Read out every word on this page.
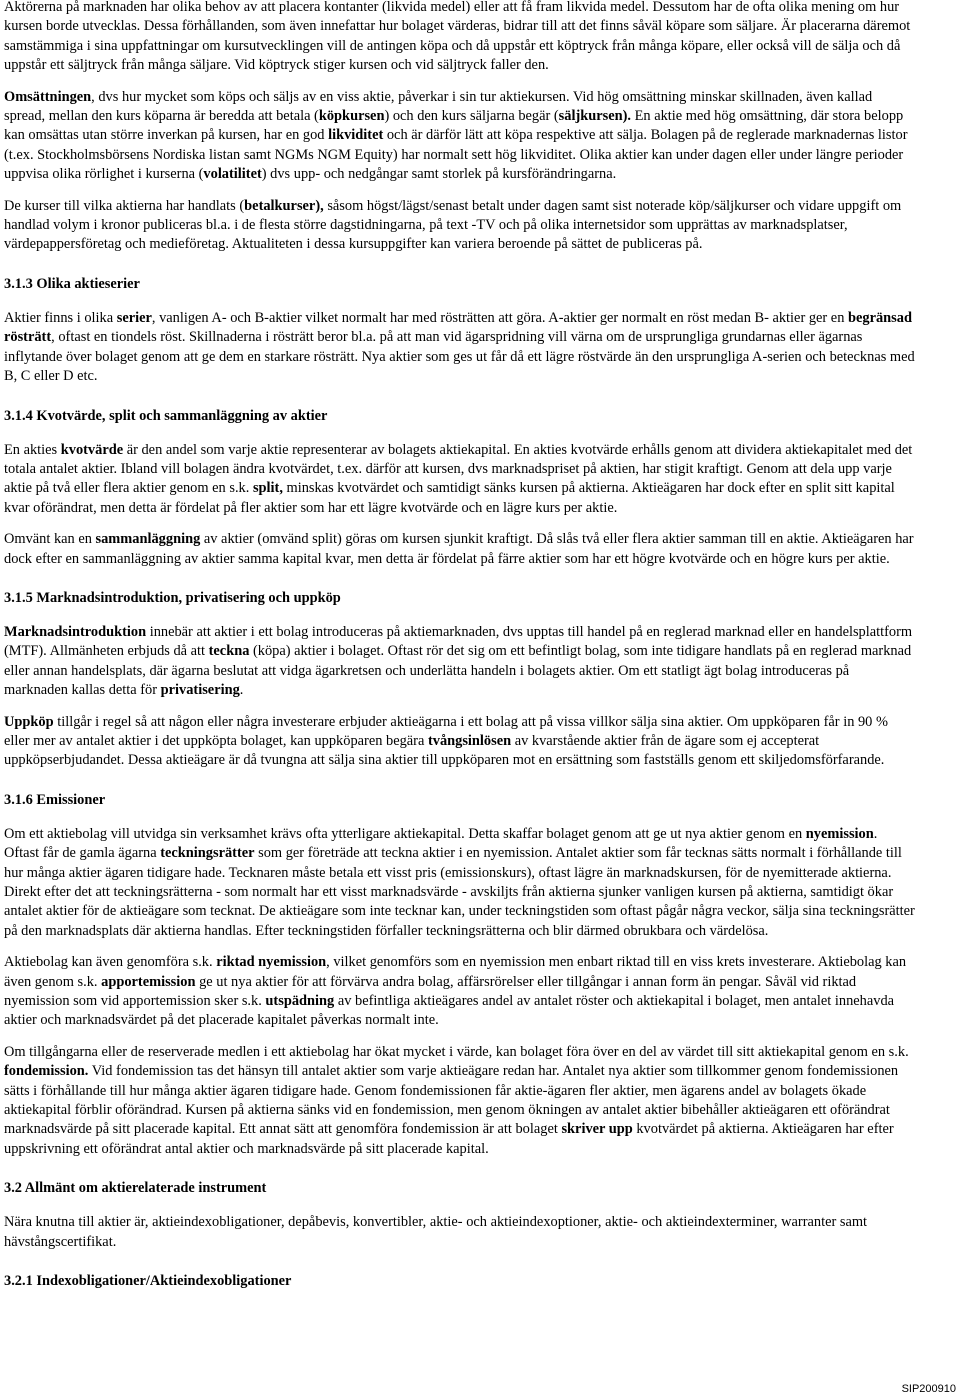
Aktörerna på marknaden har olika behov av att placera kontanter (likvida medel) eller att få fram likvida medel. Dessutom har de ofta olika mening om hur kursen borde utvecklas. Dessa förhållanden, som även innefattar hur bolaget värderas, bidrar till att det finns såväl köpare som säljare. Är placerarna däremot samstämmiga i sina uppfattningar om kursutvecklingen vill de antingen köpa och då uppstår ett köptryck från många köpare, eller också vill de sälja och då uppstår ett säljtryck från många säljare. Vid köptryck stiger kursen och vid säljtryck faller den.

Omsättningen, dvs hur mycket som köps och säljs av en viss aktie, påverkar i sin tur aktiekursen. Vid hög omsättning minskar skillnaden, även kallad spread, mellan den kurs köparna är beredda att betala (köpkursen) och den kurs säljarna begär (säljkursen). En aktie med hög omsättning, där stora belopp kan omsättas utan större inverkan på kursen, har en god likviditet och är därför lätt att köpa respektive att sälja. Bolagen på de reglerade marknadernas listor (t.ex. Stockholmsbörsens Nordiska listan samt NGMs NGM Equity) har normalt sett hög likviditet. Olika aktier kan under dagen eller under längre perioder uppvisa olika rörlighet i kurserna (volatilitet) dvs upp- och nedgångar samt storlek på kursförändringarna.

De kurser till vilka aktierna har handlats (betalkurser), såsom högst/lägst/senast betalt under dagen samt sist noterade köp/säljkurser och vidare uppgift om handlad volym i kronor publiceras bl.a. i de flesta större dagstidningarna, på text -TV och på olika internetsidor som upprättas av marknadsplatser, värdepappersföretag och medieföretag. Aktualiteten i dessa kursuppgifter kan variera beroende på sättet de publiceras på.

3.1.3 Olika aktieserier

Aktier finns i olika serier, vanligen A- och B-aktier vilket normalt har med rösträtten att göra. A-aktier ger normalt en röst medan B- aktier ger en begränsad rösträtt, oftast en tiondels röst. Skillnaderna i rösträtt beror bl.a. på att man vid ägarspridning vill värna om de ursprungliga grundarnas eller ägarnas inflytande över bolaget genom att ge dem en starkare rösträtt. Nya aktier som ges ut får då ett lägre röstvärde än den ursprungliga A-serien och betecknas med B, C eller D etc.

3.1.4 Kvotvärde, split och sammanläggning av aktier

En akties kvotvärde är den andel som varje aktie representerar av bolagets aktiekapital. En akties kvotvärde erhålls genom att dividera aktiekapitalet med det totala antalet aktier. Ibland vill bolagen ändra kvotvärdet, t.ex. därför att kursen, dvs marknadspriset på aktien, har stigit kraftigt. Genom att dela upp varje aktie på två eller flera aktier genom en s.k. split, minskas kvotvärdet och samtidigt sänks kursen på aktierna. Aktieägaren har dock efter en split sitt kapital kvar oförändrat, men detta är fördelat på fler aktier som har ett lägre kvotvärde och en lägre kurs per aktie.

Omvänt kan en sammanläggning av aktier (omvänd split) göras om kursen sjunkit kraftigt. Då slås två eller flera aktier samman till en aktie. Aktieägaren har dock efter en sammanläggning av aktier samma kapital kvar, men detta är fördelat på färre aktier som har ett högre kvotvärde och en högre kurs per aktie.

3.1.5 Marknadsintroduktion, privatisering och uppköp

Marknadsintroduktion innebär att aktier i ett bolag introduceras på aktiemarknaden, dvs upptas till handel på en reglerad marknad eller en handelsplattform (MTF). Allmänheten erbjuds då att teckna (köpa) aktier i bolaget. Oftast rör det sig om ett befintligt bolag, som inte tidigare handlats på en reglerad marknad eller annan handelsplats, där ägarna beslutat att vidga ägarkretsen och underlätta handeln i bolagets aktier. Om ett statligt ägt bolag introduceras på marknaden kallas detta för privatisering.

Uppköp tillgår i regel så att någon eller några investerare erbjuder aktieägarna i ett bolag att på vissa villkor sälja sina aktier. Om uppköparen får in 90 % eller mer av antalet aktier i det uppköpta bolaget, kan uppköparen begära tvångsinlösen av kvarstående aktier från de ägare som ej accepterat uppköpserbjudandet. Dessa aktieägare är då tvungna att sälja sina aktier till uppköparen mot en ersättning som fastställs genom ett skiljedomsförfarande.

3.1.6 Emissioner

Om ett aktiebolag vill utvidga sin verksamhet krävs ofta ytterligare aktiekapital. Detta skaffar bolaget genom att ge ut nya aktier genom en nyemission. Oftast får de gamla ägarna teckningsrätter som ger företräde att teckna aktier i en nyemission. Antalet aktier som får tecknas sätts normalt i förhållande till hur många aktier ägaren tidigare hade. Tecknaren måste betala ett visst pris (emissionskurs), oftast lägre än marknadskursen, för de nyemitterade aktierna. Direkt efter det att teckningsrätterna - som normalt har ett visst marknadsvärde - avskiljts från aktierna sjunker vanligen kursen på aktierna, samtidigt ökar antalet aktier för de aktieägare som tecknat. De aktieägare som inte tecknar kan, under teckningstiden som oftast pågår några veckor, sälja sina teckningsrätter på den marknadsplats där aktierna handlas. Efter teckningstiden förfaller teckningsrätterna och blir därmed obrukbara och värdelösa.

Aktiebolag kan även genomföra s.k. riktad nyemission, vilket genomförs som en nyemission men enbart riktad till en viss krets investerare. Aktiebolag kan även genom s.k. apportemission ge ut nya aktier för att förvärva andra bolag, affärsrörelser eller tillgångar i annan form än pengar. Såväl vid riktad nyemission som vid apportemission sker s.k. utspädning av befintliga aktieägares andel av antalet röster och aktiekapital i bolaget, men antalet innehavda aktier och marknadsvärdet på det placerade kapitalet påverkas normalt inte.

Om tillgångarna eller de reserverade medlen i ett aktiebolag har ökat mycket i värde, kan bolaget föra över en del av värdet till sitt aktiekapital genom en s.k. fondemission. Vid fondemission tas det hänsyn till antalet aktier som varje aktieägare redan har. Antalet nya aktier som tillkommer genom fondemissionen sätts i förhållande till hur många aktier ägaren tidigare hade. Genom fondemissionen får aktie-ägaren fler aktier, men ägarens andel av bolagets ökade aktiekapital förblir oförändrad. Kursen på aktierna sänks vid en fondemission, men genom ökningen av antalet aktier bibehåller aktieägaren ett oförändrat marknadsvärde på sitt placerade kapital. Ett annat sätt att genomföra fondemission är att bolaget skriver upp kvotvärdet på aktierna. Aktieägaren har efter uppskrivning ett oförändrat antal aktier och marknadsvärde på sitt placerade kapital.

3.2 Allmänt om aktierelaterade instrument

Nära knutna till aktier är, aktieindexobligationer, depåbevis, konvertibler, aktie- och aktieindexoptioner, aktie- och aktieindexterminer, warranter samt hävstångscertifikat.

3.2.1 Indexobligationer/Aktieindexobligationer
SIP200910
